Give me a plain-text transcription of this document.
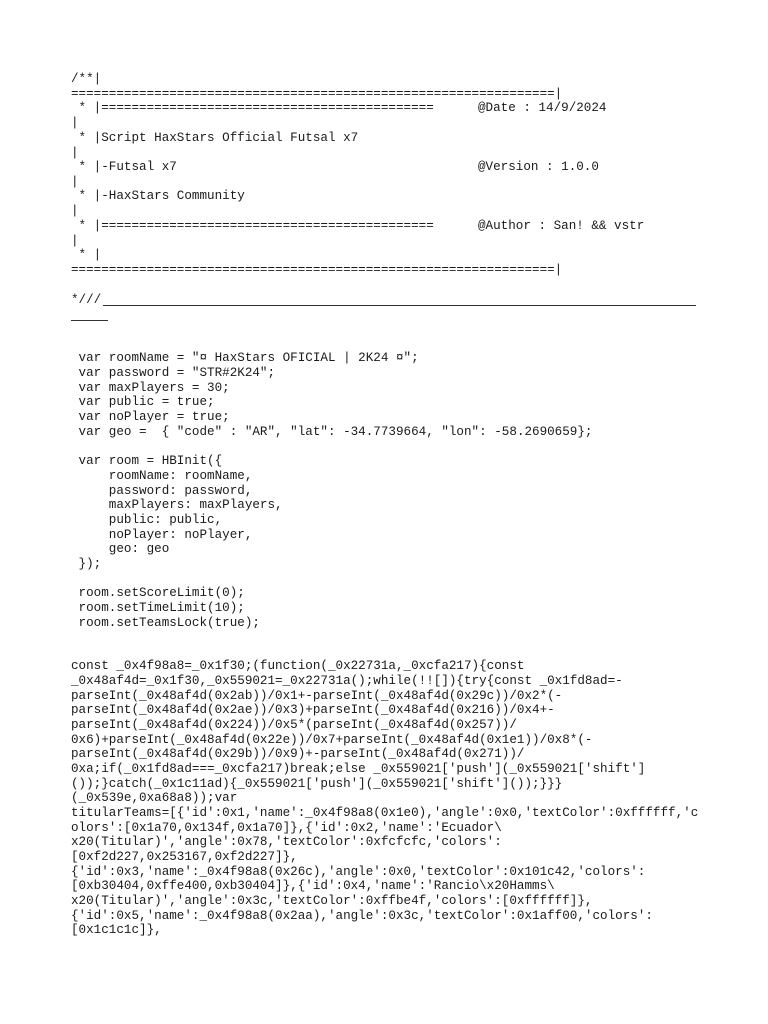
/**|
================================================================|
* |============================================	@Date : 14/9/2024
|
* |Script HaxStars Official Futsal x7
|
* |-Futsal x7	@Version : 1.0.0
|
* |-HaxStars Community
|
* |============================================	@Author : San! && vstr
|
* |
================================================================|
*///
var roomName = "¤ HaxStars OFICIAL | 2K24 ¤";
var password = "STR#2K24";
var maxPlayers = 30;
var public = true;
var noPlayer = true;
var geo =  { "code" : "AR", "lat": -34.7739664, "lon": -58.2690659};
var room = HBInit({
roomName: roomName,
password: password,
maxPlayers: maxPlayers,
public: public,
noPlayer: noPlayer,
geo: geo
});
room.setScoreLimit(0);
room.setTimeLimit(10);
room.setTeamsLock(true);
const _0x4f98a8=_0x1f30;(function(_0x22731a,_0xcfa217){const
_0x48af4d=_0x1f30,_0x559021=_0x22731a();while(!![]){try{const _0x1fd8ad=-
parseInt(_0x48af4d(0x2ab))/0x1+-parseInt(_0x48af4d(0x29c))/0x2*(-
parseInt(_0x48af4d(0x2ae))/0x3)+parseInt(_0x48af4d(0x216))/0x4+-
parseInt(_0x48af4d(0x224))/0x5*(parseInt(_0x48af4d(0x257))/
0x6)+parseInt(_0x48af4d(0x22e))/0x7+parseInt(_0x48af4d(0x1e1))/0x8*(-
parseInt(_0x48af4d(0x29b))/0x9)+-parseInt(_0x48af4d(0x271))/
0xa;if(_0x1fd8ad===_0xcfa217)break;else _0x559021['push'](_0x559021['shift']
());}catch(_0x1c11ad){_0x559021['push'](_0x559021['shift']());}}}
(_0x539e,0xa68a8));var
titularTeams=[{'id':0x1,'name':_0x4f98a8(0x1e0),'angle':0x0,'textColor':0xffffff,'c
olors':[0x1a70,0x134f,0x1a70]},{'id':0x2,'name':'Ecuador\
x20(Titular)','angle':0x78,'textColor':0xfcfcfc,'colors':
[0xf2d227,0x253167,0xf2d227]},
{'id':0x3,'name':_0x4f98a8(0x26c),'angle':0x0,'textColor':0x101c42,'colors':
[0xb30404,0xffe400,0xb30404]},{'id':0x4,'name':'Rancio\x20Hamms\
x20(Titular)','angle':0x3c,'textColor':0xffbe4f,'colors':[0xffffff]},
{'id':0x5,'name':_0x4f98a8(0x2aa),'angle':0x3c,'textColor':0x1aff00,'colors':
[0x1c1c1c]},
